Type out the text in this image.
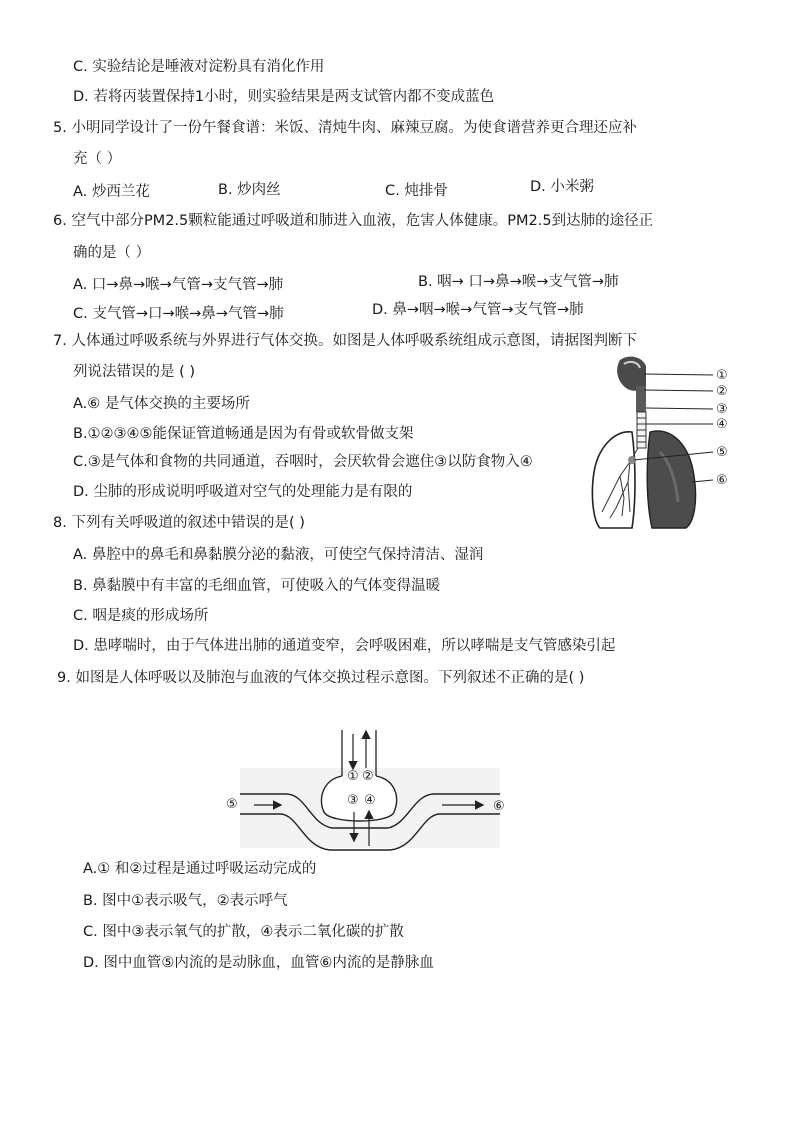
C. 实验结论是唾液对淀粉具有消化作用
D. 若将丙装置保持1小时，则实验结果是两支试管内都不变成蓝色
5. 小明同学设计了一份午餐食谱：米饭、清炖牛肉、麻辣豆腐。为使食谱营养更合理还应补
充（ ）
A. 炒西兰花	B. 炒肉丝	C. 炖排骨	D. 小米粥
6. 空气中部分PM2.5颗粒能通过呼吸道和肺进入血液，危害人体健康。PM2.5到达肺的途径正
确的是（ ）
A. 口→鼻→喉→气管→支气管→肺	B. 咽→ 口→鼻→喉→支气管→肺
C. 支气管→口→喉→鼻→气管→肺	D. 鼻→咽→喉→气管→支气管→肺
7. 人体通过呼吸系统与外界进行气体交换。如图是人体呼吸系统组成示意图，请据图判断下
列说法错误的是 ( )
A.⑥ 是气体交换的主要场所
B.①②③④⑤能保证管道畅通是因为有骨或软骨做支架
C.③是气体和食物的共同通道，吞咽时，会厌软骨会遮住③以防食物入④
D. 尘肺的形成说明呼吸道对空气的处理能力是有限的
①
②
③
④
⑤
⑥
8. 下列有关呼吸道的叙述中错误的是( )
A. 鼻腔中的鼻毛和鼻黏膜分泌的黏液，可使空气保持清洁、湿润
B. 鼻黏膜中有丰富的毛细血管，可使吸入的气体变得温暖
C. 咽是痰的形成场所
D. 患哮喘时，由于气体进出肺的通道变窄，会呼吸困难，所以哮喘是支气管感染引起
9. 如图是人体呼吸以及肺泡与血液的气体交换过程示意图。下列叙述不正确的是( )
① ②
③ ④
⑤	⑥
A.① 和②过程是通过呼吸运动完成的
B. 图中①表示吸气，②表示呼气
C. 图中③表示氧气的扩散，④表示二氧化碳的扩散
D. 图中血管⑤内流的是动脉血，血管⑥内流的是静脉血
